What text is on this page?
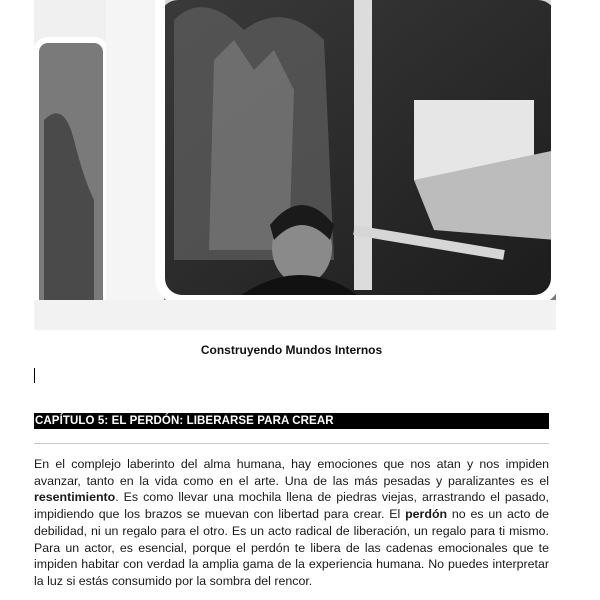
Construyendo Mundos Internos
CAPÍTULO 5: EL PERDÓN: LIBERARSE PARA CREAR
En el complejo laberinto del alma humana, hay emociones que nos atan y nos impiden avanzar, tanto en la vida como en el arte. Una de las más pesadas y paralizantes es el resentimiento. Es como llevar una mochila llena de piedras viejas, arrastrando el pasado, impidiendo que los brazos se muevan con libertad para crear. El perdón no es un acto de debilidad, ni un regalo para el otro. Es un acto radical de liberación, un regalo para ti mismo. Para un actor, es esencial, porque el perdón te libera de las cadenas emocionales que te impiden habitar con verdad la amplia gama de la experiencia humana. No puedes interpretar la luz si estás consumido por la sombra del rencor.
